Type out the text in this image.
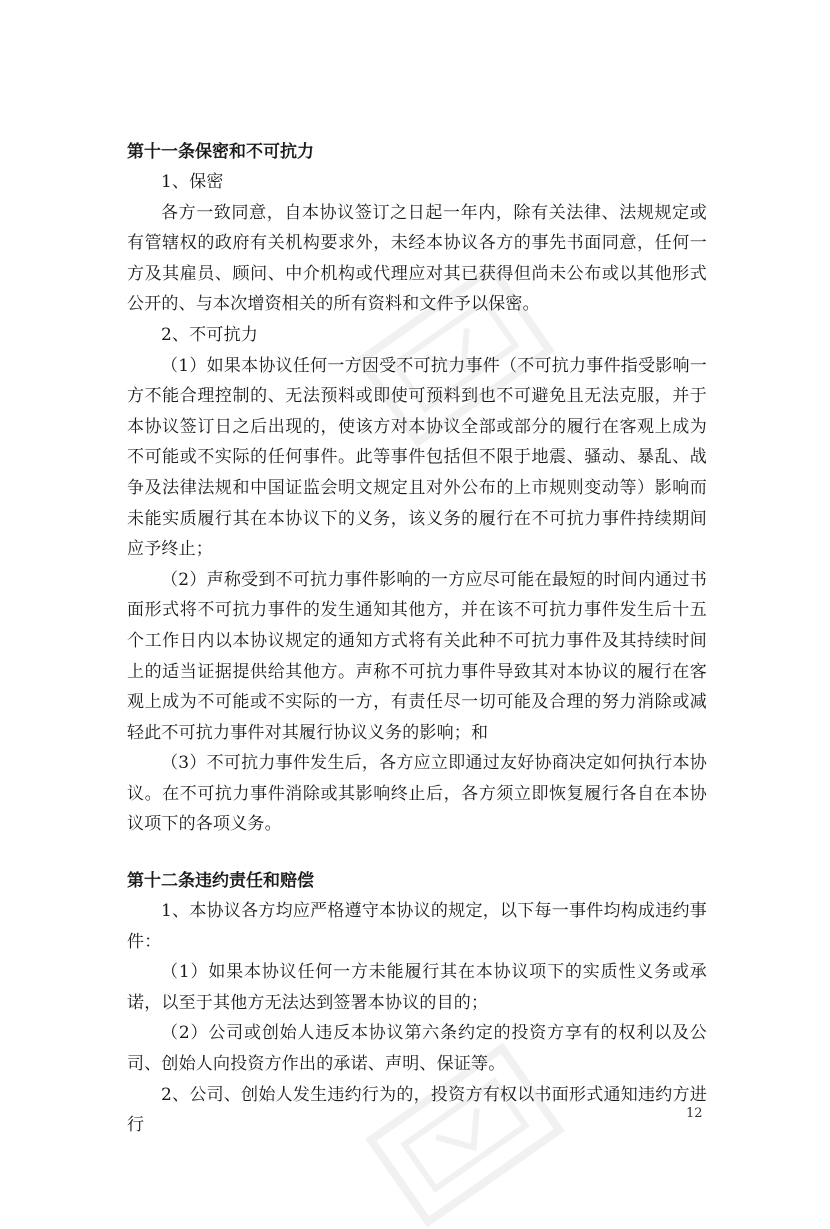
第十一条保密和不可抗力

1、保密

各方一致同意，自本协议签订之日起一年内，除有关法律、法规规定或有管辖权的政府有关机构要求外，未经本协议各方的事先书面同意，任何一方及其雇员、顾问、中介机构或代理应对其已获得但尚未公布或以其他形式公开的、与本次增资相关的所有资料和文件予以保密。

2、不可抗力

（1）如果本协议任何一方因受不可抗力事件（不可抗力事件指受影响一方不能合理控制的、无法预料或即使可预料到也不可避免且无法克服，并于本协议签订日之后出现的，使该方对本协议全部或部分的履行在客观上成为不可能或不实际的任何事件。此等事件包括但不限于地震、骚动、暴乱、战争及法律法规和中国证监会明文规定且对外公布的上市规则变动等）影响而未能实质履行其在本协议下的义务，该义务的履行在不可抗力事件持续期间应予终止；

（2）声称受到不可抗力事件影响的一方应尽可能在最短的时间内通过书面形式将不可抗力事件的发生通知其他方，并在该不可抗力事件发生后十五个工作日内以本协议规定的通知方式将有关此种不可抗力事件及其持续时间上的适当证据提供给其他方。声称不可抗力事件导致其对本协议的履行在客观上成为不可能或不实际的一方，有责任尽一切可能及合理的努力消除或减轻此不可抗力事件对其履行协议义务的影响；和

（3）不可抗力事件发生后，各方应立即通过友好协商决定如何执行本协议。在不可抗力事件消除或其影响终止后，各方须立即恢复履行各自在本协议项下的各项义务。

第十二条违约责任和赔偿

1、本协议各方均应严格遵守本协议的规定，以下每一事件均构成违约事件：

（1）如果本协议任何一方未能履行其在本协议项下的实质性义务或承诺，以至于其他方无法达到签署本协议的目的；

（2）公司或创始人违反本协议第六条约定的投资方享有的权利以及公司、创始人向投资方作出的承诺、声明、保证等。

2、公司、创始人发生违约行为的，投资方有权以书面形式通知违约方进行

12
